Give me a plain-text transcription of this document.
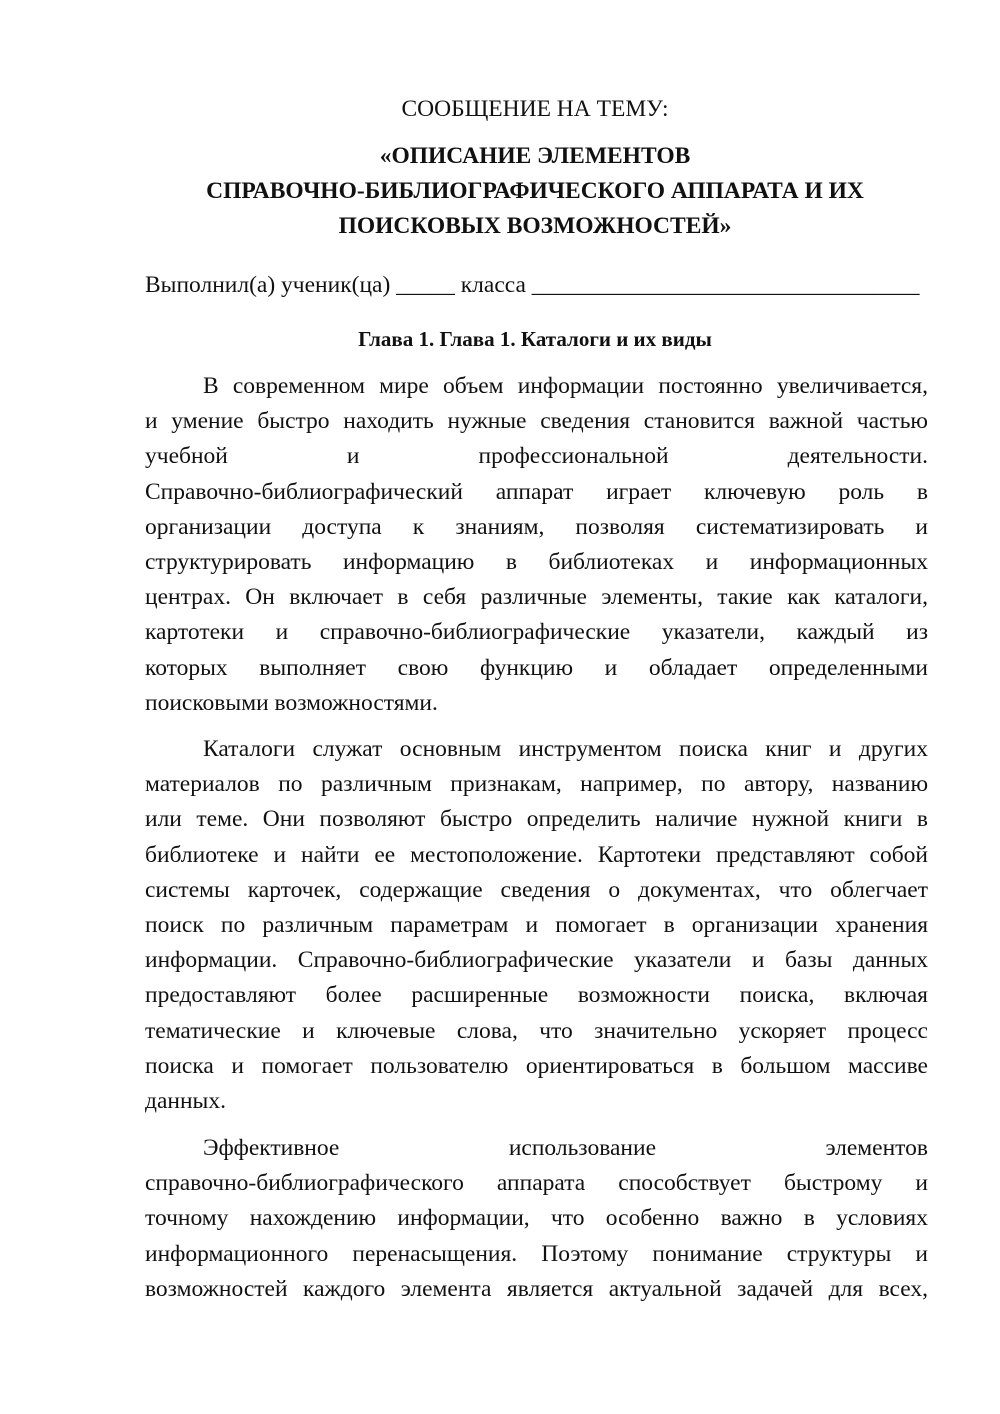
СООБЩЕНИЕ НА ТЕМУ:
«ОПИСАНИЕ ЭЛЕМЕНТОВ
СПРАВОЧНО-БИБЛИОГРАФИЧЕСКОГО АППАРАТА И ИХ
ПОИСКОВЫХ ВОЗМОЖНОСТЕЙ»
Выполнил(а) ученик(ца) _____ класса _________________________________
Глава 1. Глава 1. Каталоги и их виды
В современном мире объем информации постоянно увеличивается,
и умение быстро находить нужные сведения становится важной частью
учебной и профессиональной деятельности.
Справочно-библиографический аппарат играет ключевую роль в
организации доступа к знаниям, позволяя систематизировать и
структурировать информацию в библиотеках и информационных
центрах. Он включает в себя различные элементы, такие как каталоги,
картотеки и справочно-библиографические указатели, каждый из
которых выполняет свою функцию и обладает определенными
поисковыми возможностями.
Каталоги служат основным инструментом поиска книг и других
материалов по различным признакам, например, по автору, названию
или теме. Они позволяют быстро определить наличие нужной книги в
библиотеке и найти ее местоположение. Картотеки представляют собой
системы карточек, содержащие сведения о документах, что облегчает
поиск по различным параметрам и помогает в организации хранения
информации. Справочно-библиографические указатели и базы данных
предоставляют более расширенные возможности поиска, включая
тематические и ключевые слова, что значительно ускоряет процесс
поиска и помогает пользователю ориентироваться в большом массиве
данных.
Эффективное использование элементов
справочно-библиографического аппарата способствует быстрому и
точному нахождению информации, что особенно важно в условиях
информационного перенасыщения. Поэтому понимание структуры и
возможностей каждого элемента является актуальной задачей для всех,
